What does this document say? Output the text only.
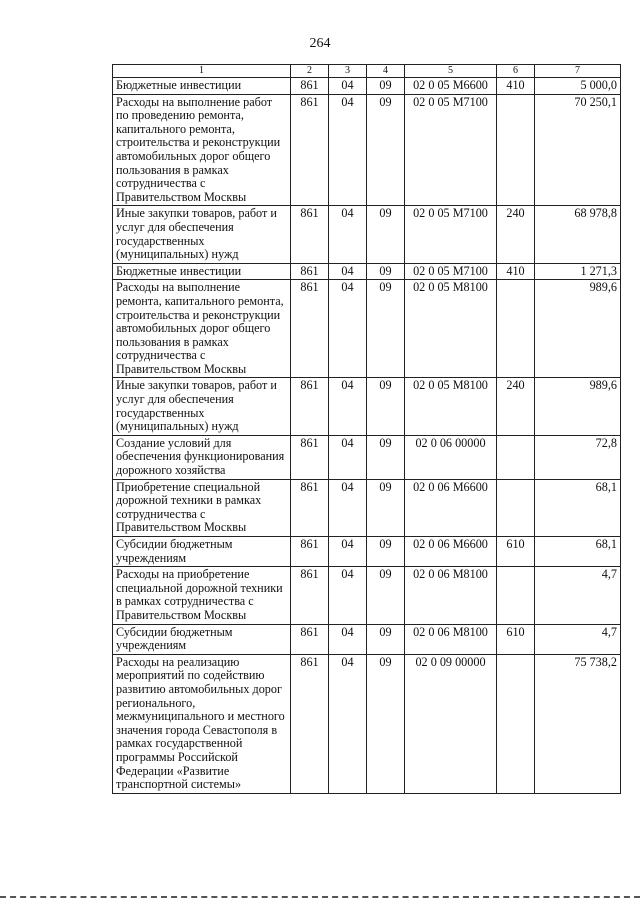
264
1	2	3	4	5	6	7
Бюджетные инвестиции	861	04	09	02 0 05 M6600	410	5 000,0
Расходы на выполнение работ по проведению ремонта, капитального ремонта, строительства и реконструкции автомобильных дорог общего пользования в рамках сотрудничества с Правительством Москвы	861	04	09	02 0 05 M7100		70 250,1
Иные закупки товаров, работ и услуг для обеспечения государственных (муниципальных) нужд	861	04	09	02 0 05 M7100	240	68 978,8
Бюджетные инвестиции	861	04	09	02 0 05 M7100	410	1 271,3
Расходы на выполнение ремонта, капитального ремонта, строительства и реконструкции автомобильных дорог общего пользования в рамках сотрудничества с Правительством Москвы	861	04	09	02 0 05 M8100		989,6
Иные закупки товаров, работ и услуг для обеспечения государственных (муниципальных) нужд	861	04	09	02 0 05 M8100	240	989,6
Создание условий для обеспечения функционирования дорожного хозяйства	861	04	09	02 0 06 00000		72,8
Приобретение специальной дорожной техники в рамках сотрудничества с Правительством Москвы	861	04	09	02 0 06 M6600		68,1
Субсидии бюджетным учреждениям	861	04	09	02 0 06 M6600	610	68,1
Расходы на приобретение специальной дорожной техники в рамках сотрудничества с Правительством Москвы	861	04	09	02 0 06 M8100		4,7
Субсидии бюджетным учреждениям	861	04	09	02 0 06 M8100	610	4,7
Расходы на реализацию мероприятий по содействию развитию автомобильных дорог регионального, межмуниципального и местного значения города Севастополя в рамках государственной программы Российской Федерации «Развитие транспортной системы»	861	04	09	02 0 09 00000		75 738,2
